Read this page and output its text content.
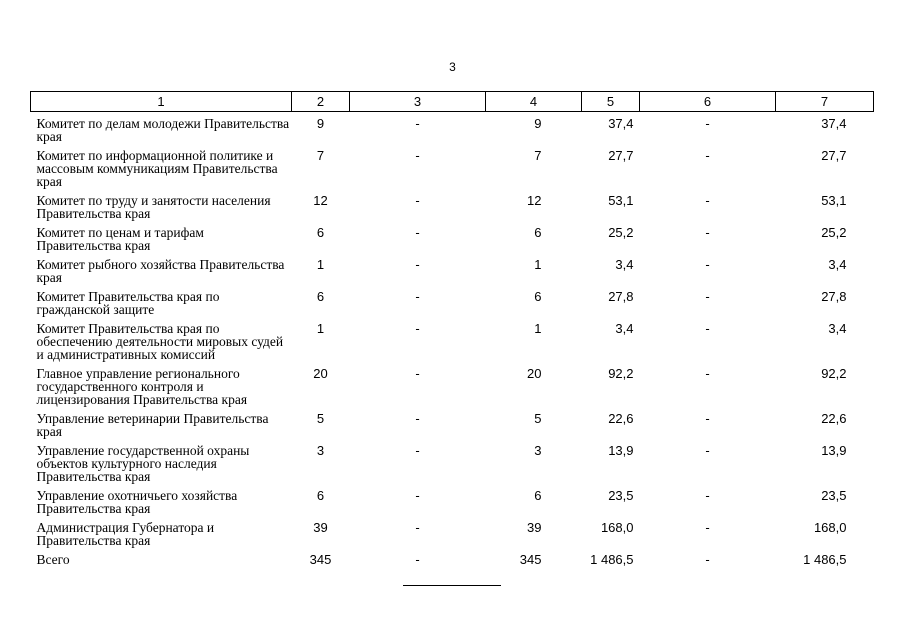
3
1	2	3	4	5	6	7
Комитет по делам молодежи Правительства края	9	-	9	37,4	-	37,4
Комитет по информационной политике и массовым коммуникациям Правительства края	7	-	7	27,7	-	27,7
Комитет по труду и занятости населения Правительства края	12	-	12	53,1	-	53,1
Комитет по ценам и тарифам Правительства края	6	-	6	25,2	-	25,2
Комитет рыбного хозяйства Правительства края	1	-	1	3,4	-	3,4
Комитет Правительства края по гражданской защите	6	-	6	27,8	-	27,8
Комитет Правительства края по обеспечению деятельности мировых судей и административных комиссий	1	-	1	3,4	-	3,4
Главное управление регионального государственного контроля и лицензирования Правительства края	20	-	20	92,2	-	92,2
Управление ветеринарии Правительства края	5	-	5	22,6	-	22,6
Управление государственной охраны объектов культурного наследия Правительства края	3	-	3	13,9	-	13,9
Управление охотничьего хозяйства Правительства края	6	-	6	23,5	-	23,5
Администрация Губернатора и Правительства края	39	-	39	168,0	-	168,0
Всего	345	-	345	1 486,5	-	1 486,5
